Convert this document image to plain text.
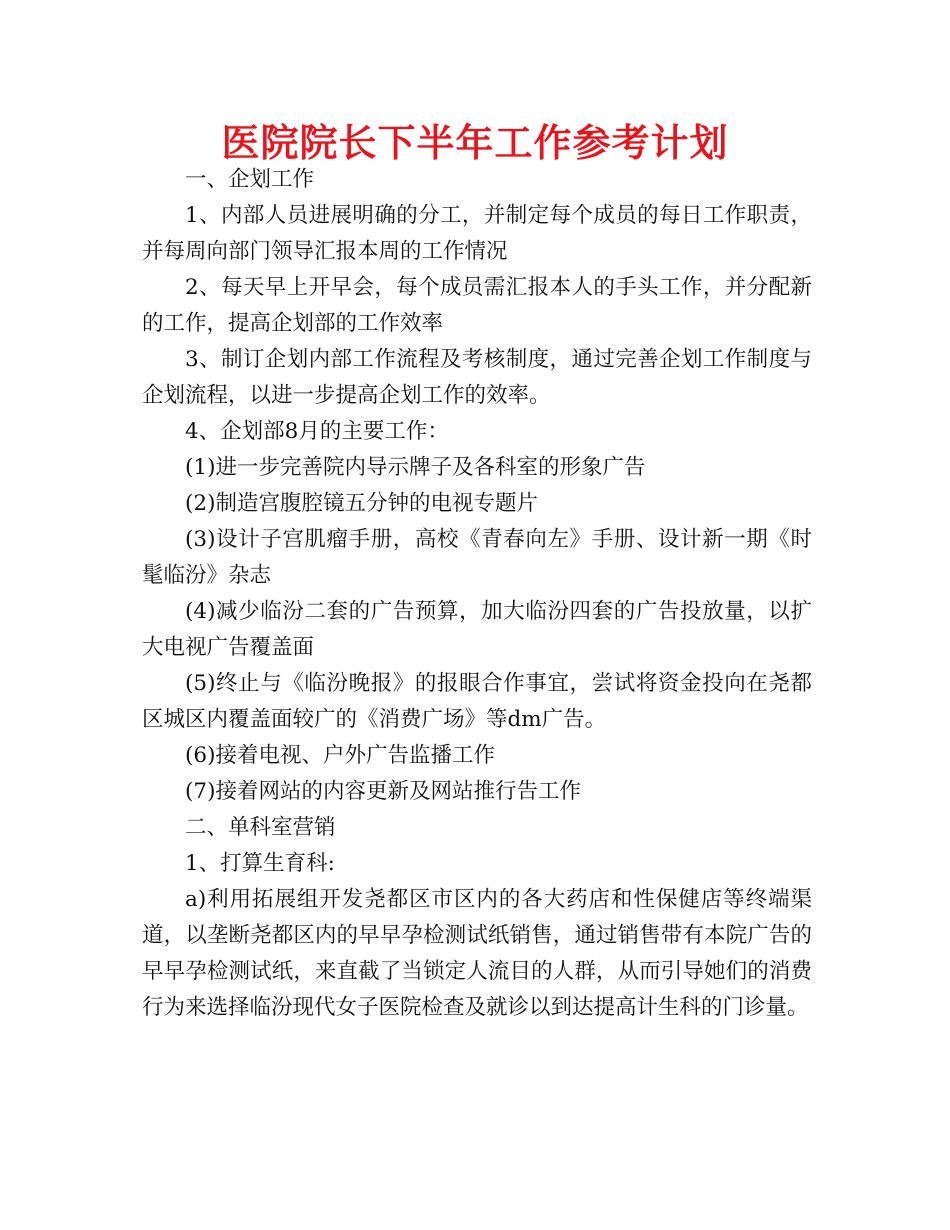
医院院长下半年工作参考计划

一、企划工作

1、内部人员进展明确的分工，并制定每个成员的每日工作职责，并每周向部门领导汇报本周的工作情况

2、每天早上开早会，每个成员需汇报本人的手头工作，并分配新的工作，提高企划部的工作效率

3、制订企划内部工作流程及考核制度，通过完善企划工作制度与企划流程，以进一步提高企划工作的效率。

4、企划部8月的主要工作：

(1)进一步完善院内导示牌子及各科室的形象广告

(2)制造宫腹腔镜五分钟的电视专题片

(3)设计子宫肌瘤手册，高校《青春向左》手册、设计新一期《时髦临汾》杂志

(4)减少临汾二套的广告预算，加大临汾四套的广告投放量，以扩大电视广告覆盖面

(5)终止与《临汾晚报》的报眼合作事宜，尝试将资金投向在尧都区城区内覆盖面较广的《消费广场》等dm广告。

(6)接着电视、户外广告监播工作

(7)接着网站的内容更新及网站推行告工作

二、单科室营销

1、打算生育科:

a)利用拓展组开发尧都区市区内的各大药店和性保健店等终端渠道，以垄断尧都区内的早早孕检测试纸销售，通过销售带有本院广告的早早孕检测试纸，来直截了当锁定人流目的人群，从而引导她们的消费行为来选择临汾现代女子医院检查及就诊以到达提高计生科的门诊量。
